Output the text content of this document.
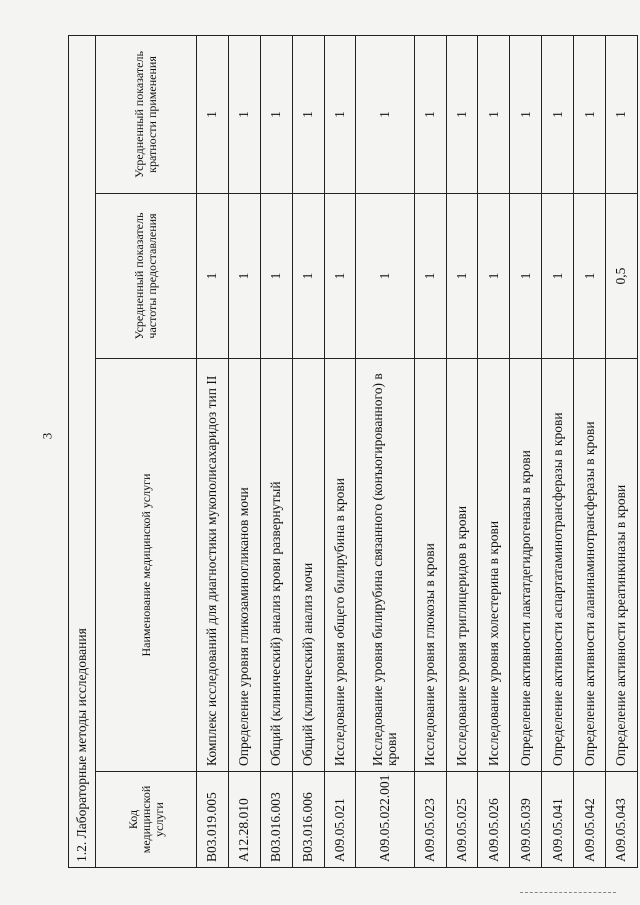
3
1.2. Лабораторные методы исследования			
Код медицинской услуги	Наименование медицинской услуги	Усредненный показатель частоты предоставления	Усредненный показатель кратности применения
B03.019.005	Комплекс исследований для диагностики мукополисахаридоз тип II	1	1
A12.28.010	Определение уровня гликозаминогликанов мочи	1	1
B03.016.003	Общий (клинический) анализ крови развернутый	1	1
B03.016.006	Общий (клинический) анализ мочи	1	1
A09.05.021	Исследование уровня общего билирубина в крови	1	1
A09.05.022.001	Исследование уровня билирубина связанного (конъюгированного) в крови	1	1
A09.05.023	Исследование уровня глюкозы в крови	1	1
A09.05.025	Исследование уровня триглицеридов в крови	1	1
A09.05.026	Исследование уровня холестерина в крови	1	1
A09.05.039	Определение активности лактатдегидрогеназы в крови	1	1
A09.05.041	Определение активности аспартатаминотрансферазы в крови	1	1
A09.05.042	Определение активности аланинаминотрансферазы в крови	1	1
A09.05.043	Определение активности креатинкиназы в крови	0,5	1
